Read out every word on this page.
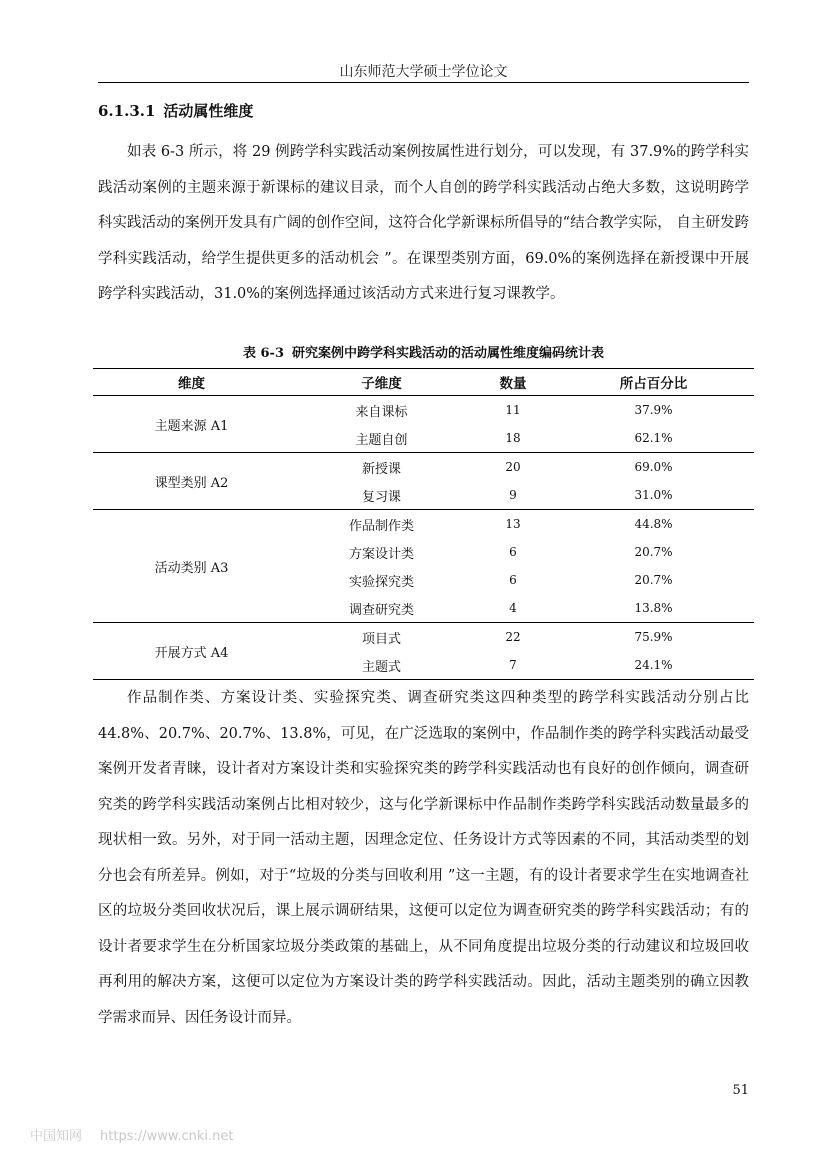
山东师范大学硕士学位论文
6.1.3.1 活动属性维度

如表 6-3 所示，将 29 例跨学科实践活动案例按属性进行划分，可以发现，有 37.9%的跨学科实践活动案例的主题来源于新课标的建议目录，而个人自创的跨学科实践活动占绝大多数，这说明跨学科实践活动的案例开发具有广阔的创作空间，这符合化学新课标所倡导的“结合教学实际， 自主研发跨学科实践活动，给学生提供更多的活动机会 ”。在课型类别方面，69.0%的案例选择在新授课中开展跨学科实践活动，31.0%的案例选择通过该活动方式来进行复习课教学。

表 6-3 研究案例中跨学科实践活动的活动属性维度编码统计表
维度	子维度	数量	所占百分比
主题来源 A1	来自课标	11	37.9%
	主题自创	18	62.1%
课型类别 A2	新授课	20	69.0%
	复习课	9	31.0%
活动类别 A3	作品制作类	13	44.8%
	方案设计类	6	20.7%
	实验探究类	6	20.7%
	调查研究类	4	13.8%
开展方式 A4	项目式	22	75.9%
	主题式	7	24.1%

作品制作类、方案设计类、实验探究类、调查研究类这四种类型的跨学科实践活动分别占比 44.8%、20.7%、20.7%、13.8%，可见，在广泛选取的案例中，作品制作类的跨学科实践活动最受案例开发者青睐，设计者对方案设计类和实验探究类的跨学科实践活动也有良好的创作倾向，调查研究类的跨学科实践活动案例占比相对较少，这与化学新课标中作品制作类跨学科实践活动数量最多的现状相一致。另外，对于同一活动主题，因理念定位、任务设计方式等因素的不同，其活动类型的划分也会有所差异。例如，对于“垃圾的分类与回收利用 ”这一主题，有的设计者要求学生在实地调查社区的垃圾分类回收状况后，课上展示调研结果，这便可以定位为调查研究类的跨学科实践活动；有的设计者要求学生在分析国家垃圾分类政策的基础上，从不同角度提出垃圾分类的行动建议和垃圾回收再利用的解决方案，这便可以定位为方案设计类的跨学科实践活动。因此，活动主题类别的确立因教学需求而异、因任务设计而异。

51
中国知网 https://www.cnki.net
